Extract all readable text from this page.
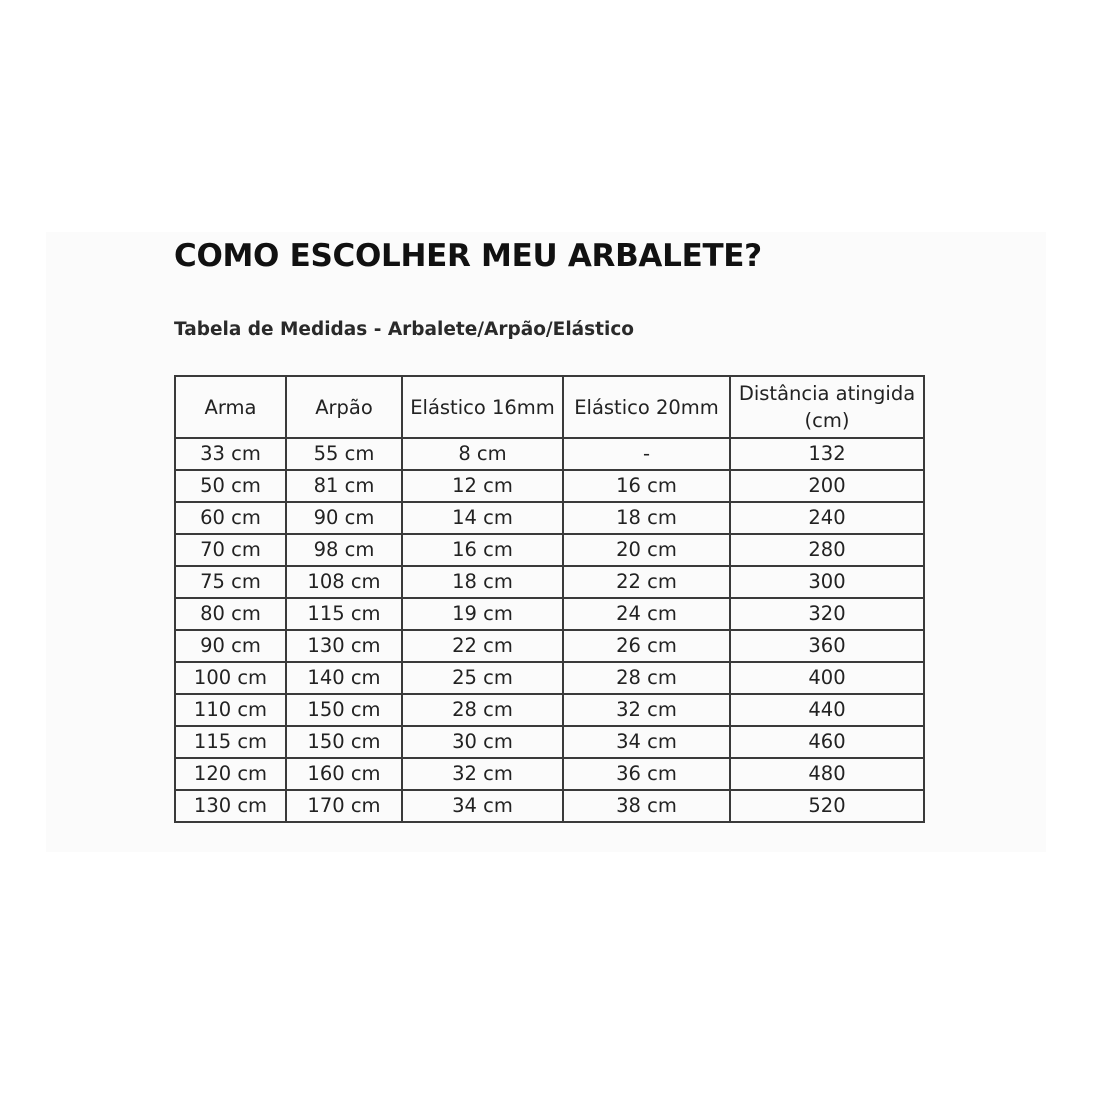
COMO ESCOLHER MEU ARBALETE?
Tabela de Medidas - Arbalete/Arpão/Elástico
Arma	Arpão	Elástico 16mm	Elástico 20mm	Distância atingida (cm)
33 cm	55 cm	8 cm	-	132
50 cm	81 cm	12 cm	16 cm	200
60 cm	90 cm	14 cm	18 cm	240
70 cm	98 cm	16 cm	20 cm	280
75 cm	108 cm	18 cm	22 cm	300
80 cm	115 cm	19 cm	24 cm	320
90 cm	130 cm	22 cm	26 cm	360
100 cm	140 cm	25 cm	28 cm	400
110 cm	150 cm	28 cm	32 cm	440
115 cm	150 cm	30 cm	34 cm	460
120 cm	160 cm	32 cm	36 cm	480
130 cm	170 cm	34 cm	38 cm	520
